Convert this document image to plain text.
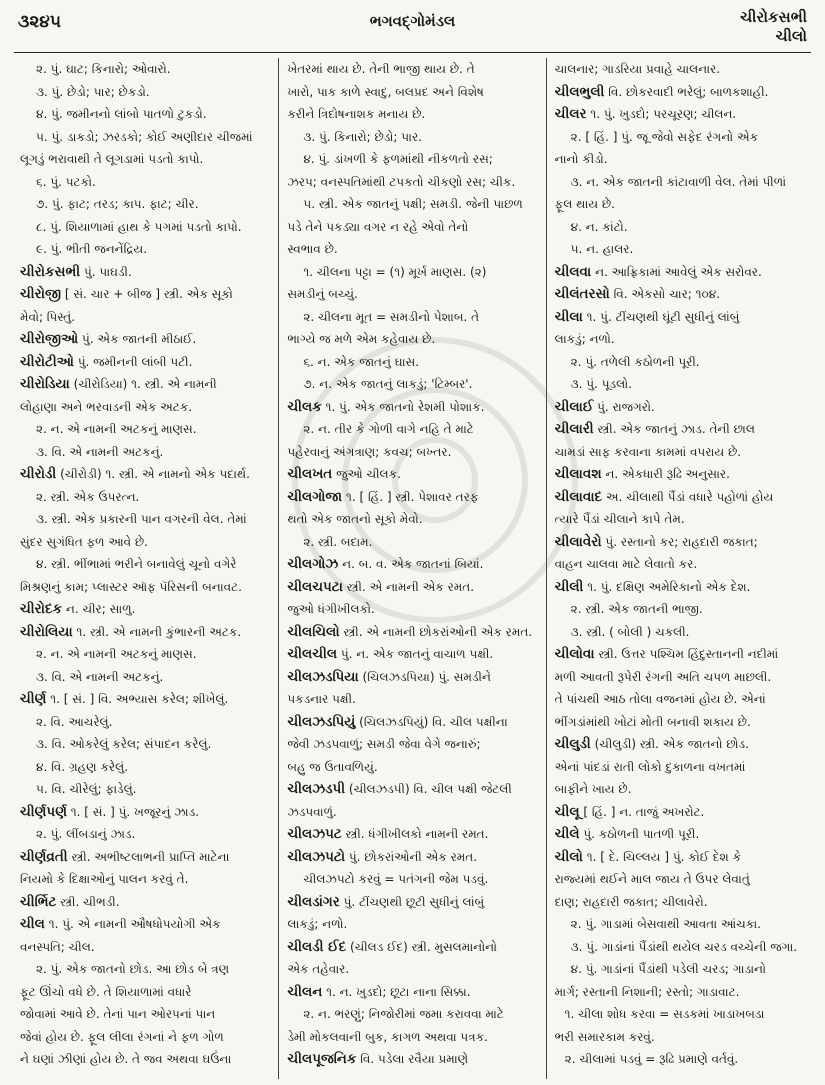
૩૨૪૫	ભગવદ્ગોમંડલ	ચીરોકસભી
ચીલો
૨. પું. ઘાટ; કિનારો; ઓવારો.
૩. પું. છેડો; પાર; છેકડો.
૪. પું. જમીનનો લાંબો પાતળો ટુકડો.
૫. પું. ડાકડો; ઝરડકો; કોઈ અણીદાર ચીજમાં
લૂગડું ભરાવાથી તે લૂગડામાં પડતો કાપો.
૬. પું. પટકો.
૭. પું. ફાટ; તરડ; કાપ. ફાટ; ચીર.
૮. પું. શિયાળામાં હાથ કે પગમાં પડતો કાપો.
૯. પું. ભીતી જનનેંદ્રિય.
ચીરોકસભી પું. પાઘડી.
ચીરોજી [ સં. ચાર + બીજ ] સ્ત્રી. એક સૂકો
મેવો; પિસ્તું.
ચીરોજીઓ પું. એક જાતની મીઠાઈ.
ચીરોટીઓ પું. જમીનની લાંબી પટી.
ચીરોડિયા (ચીરોડિયા) ૧. સ્ત્રી. એ નામની
લોહાણા અને ભરવાડની એક અટક.
૨. ન. એ નામની અટકનું માણસ.
૩. વિ. એ નામની અટકનું.
ચીરોડી (ચીરોડી) ૧. સ્ત્રી. એ નામનો એક પદાર્થ.
૨. સ્ત્રી. એક ઉપરત્ન.
૩. સ્ત્રી. એક પ્રકારની પાન વગરની વેલ. તેમાં
સુંદર સુગંધિત ફળ આવે છે.
૪. સ્ત્રી. ભીંભામાં ભરીને બનાવેલું ચૂનો વગેરે
મિશ્રણનું કામ; પ્લાસ્ટર ઑફ પૅરિસની બનાવટ.
ચીરોદક ન. ચીર; સાળુ.
ચીરોલિયા ૧. સ્ત્રી. એ નામની કુંભારની અટક.
૨. ન. એ નામની અટકનું માણસ.
૩. વિ. એ નામની અટકનું.
ચીર્ણ ૧. [ સં. ] વિ. અભ્યાસ કરેલ; શીખેલું.
૨. વિ. આચરેલું.
૩. વિ. ઓકરેલું કરેલ; સંપાદન કરેલું.
૪. વિ. ગ્રહણ કરેલું.
૫. વિ. ચીરેલું; ફાડેલું.
ચીર્ણપર્ણ ૧. [ સં. ] પું. ખજૂરનું ઝાડ.
૨. પું. લીંબડાનું ઝાડ.
ચીર્ણવ્રતી સ્ત્રી. અભીષ્ટલાભની પ્રાપ્તિ માટેના
નિયમો કે દિક્ષાઓનું પાલન કરવું તે.
ચીર્ભિટ સ્ત્રી. ચીભડી.
ચીલ ૧. પું. એ નામની ઔષધોપયોગી એક
વનસ્પતિ; ચીલ.
૨. પું. એક જાતનો છોડ. આ છોડ બે ત્રણ
ફૂટ ઊંચો વધે છે. તે શિયાળામાં વધારે
જોવામાં આવે છે. તેનાં પાન ઓરપનાં પાન
જેવાં હોય છે. ફૂલ લીલા રંગનાં ને ફળ ગોળ
ને ઘણાં ઝીણાં હોય છે. તે જવ અથવા ઘઉંના
ખેતરમાં થાય છે. તેની ભાજી થાય છે. તે
ખારો, પાક કાળે સ્વાદુ, બલપ્રદ અને વિશેષ
કરીને ત્રિદોષનાશક મનાય છે.
૩. પું. કિનારો; છેડો; પાર.
૪. પું. ડાંખળી કે ફળમાંથી નીકળતો રસ;
ઝરપ; વનસ્પતિમાંથી ટપકતો ચીકણો રસ; ચીક.
૫. સ્ત્રી. એક જાતનું પક્ષી; સમડી. જેની પાછળ
પડે તેને પકડ્યા વગર ન રહે એવો તેનો
સ્વભાવ છે.
૧. ચીલના પટ્ટા = (૧) મૂર્ખ માણસ. (૨)
સમડીનું બચ્ચું.
૨. ચીલના મૂત = સમડીનો પેશાબ. તે
ભાગ્યે જ મળે એમ કહેવાય છે.
૬. ન. એક જાતનું ઘાસ.
૭. ન. એક જાતનું લાકડું; 'ટિમ્બર'.
ચીલક ૧. પું. એક જાતનો રેશમી પોશાક.
૨. ન. તીર કે ગોળી વાગે નહિ તે માટે
પહેરવાનું અંગત્રાણ; કવચ; બખ્તર.
ચીલખત જુઓ ચીલક.
ચીલગોજા ૧. [ હિં. ] સ્ત્રી. પેશાવર તરફ
થતો એક જાતનો સૂકો મેવો.
૨. સ્ત્રી. બદામ.
ચીલગોઝ ન. બ. વ. એક જાતનાં બિયાં.
ચીલચપટા સ્ત્રી. એ નામની એક રમત.
જુઓ ધંગીખીલકો.
ચીલચિલો સ્ત્રી. એ નામની છોકરાંઓની એક રમત.
ચીલચીલ પું. ન. એક જાતનું વાચાળ પક્ષી.
ચીલઝડપિયા (ચિલઝડપિયા) પું. સમડીને
પકડનાર પક્ષી.
ચીલઝડપિયું (ચિલઝડપિયું) વિ. ચીલ પક્ષીના
જેવી ઝડપવાળું; સમડી જેવા વેગે જનારું;
બહુ જ ઉતાવળિયું.
ચીલઝડપી (ચીલઝડપી) વિ. ચીલ પક્ષી જેટલી
ઝડપવાળું.
ચીલઝપટ સ્ત્રી. ધંગીખીલકો નામની રમત.
ચીલઝપટો પું. છોકરાંઓની એક રમત.
ચીલઝપટો કરવું = પતંગની જેમ પડવું.
ચીલડાંગર પું. ટીંચણથી છૂટી સુધીનું લાંબું
લાકડું; નળો.
ચીલડી ઈદ (ચીલડ ઈદ) સ્ત્રી. મુસલમાનોનો
એક તહેવાર.
ચીલન ૧. ન. ખુડદો; છૂટા નાના સિક્કા.
૨. ન. ભરણું; નિજોરીમાં જમા કરાવવા માટે
ડેમી મોકલવાની બુક, કાગળ અથવા પત્રક.
ચીલપૂજનિક વિ. પડેલા રવૈયા પ્રમાણે
ચાલનાર; ગાડરિયા પ્રવાહે ચાલનાર.
ચીલભુલી વિ. છોકરવાદી ભરેલું; બાળકશાહી.
ચીલર ૧. પું. ખુડદો; પરચૂરણ; ચીલન.
૨. [ હિં. ] પું. જૂ જેવો સફેદ રંગનો એક
નાનો કીડો.
૩. ન. એક જાતની કાંટાવાળી વેલ. તેમાં પીળાં
ફૂલ થાય છે.
૪. ન. કાંટો.
૫. ન. હાલર.
ચીલવા ન. આફ્રિકામાં આવેલું એક સરોવર.
ચીલંતરસો વિ. એકસો ચાર; ૧૦૪.
ચીલા ૧. પું. ટીંચણથી ઘૂંટી સુધીનું લાંબું
લાકડું; નળો.
૨. પું. તળેલી કઠોળની પૂરી.
૩. પું. પૂડલો.
ચીલાઈ પું. રાજગરો.
ચીલારી સ્ત્રી. એક જાતનું ઝાડ. તેની છાલ
ચામડાં સાફ કરવાના કામમાં વપરાય છે.
ચીલાવશ ન. એકધારી રૂઢિ અનુસાર.
ચીલાવાદ અ. ચીલાથી પૈંડાં વધારે પહોળાં હોય
ત્યારે પૈંડાં ચીલાને કાપે તેમ.
ચીલાવેરો પું. રસ્તાનો કર; રાહદારી જકાત;
વાહન ચાલવા માટે લેવાતો કર.
ચીલી ૧. પું. દક્ષિણ અમેરિકાનો એક દેશ.
૨. સ્ત્રી. એક જાતની ભાજી.
૩. સ્ત્રી. ( બોલી ) ચકલી.
ચીલોવા સ્ત્રી. ઉત્તર પશ્ચિમ હિંદુસ્તાનની નદીમાં
મળી આવતી રૂપેરી રંગની અતિ ચપળ માછલી.
તે પાંચથી આઠ તોલા વજનમાં હોય છે. એનાં
ભીંગડાંમાંથી ખોટાં મોતી બનાવી શકાય છે.
ચીલુડી (ચીલુડી) સ્ત્રી. એક જાતનો છોડ.
એનાં પાંદડાં રાતી લોકો દુકાળના વખતમાં
બાફીને ખાય છે.
ચીલૂ [ હિં. ] ન. તાજું અખરોટ.
ચીલે પું. કઠોળની પાતળી પૂરી.
ચીલો ૧. [ દે. ચિલ્લય ] પું. કોઈ દેશ કે
રાજ્યમાં થઈને માલ જાય તે ઉપર લેવાતું
દાણ; રાહદારી જકાત; ચીલાવેરો.
૨. પું. ગાડામાં બેસવાથી આવતા આંચકા.
૩. પું. ગાડાંનાં પૈંડાંથી થયેલ ચરડ વચ્ચેની જગા.
૪. પું. ગાડાંનાં પૈંડાંથી પડેલી ચરડ; ગાડાનો
માર્ગ; રસ્તાની નિશાની; રસ્તો; ગાડાવાટ.
૧. ચીલા શોધ કરવા = સડકમાં ખાડાખબડા
ભરી સમારકામ કરવું.
૨. ચીલામાં પડવું = રૂઢિ પ્રમાણે વર્તવું.
